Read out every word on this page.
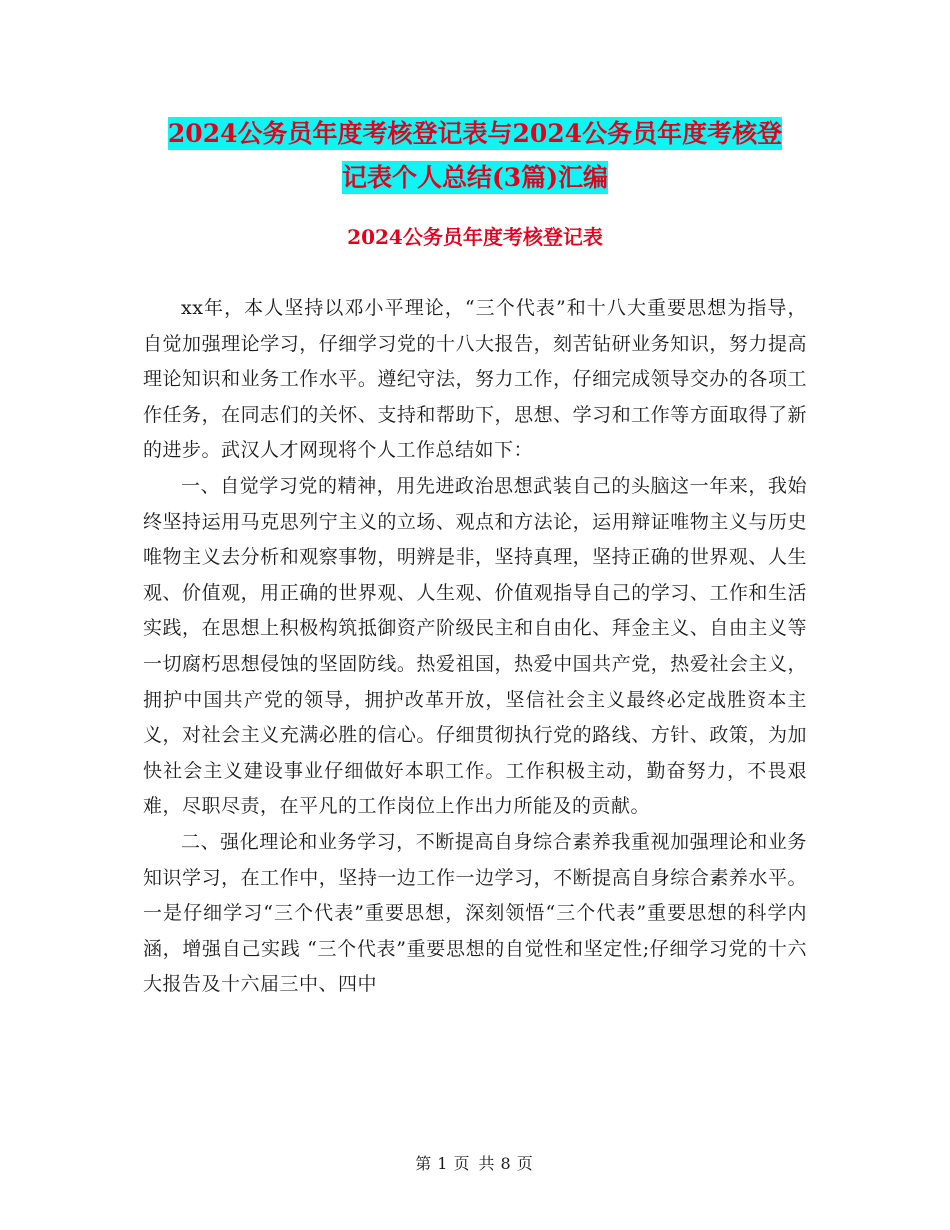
2024公务员年度考核登记表与2024公务员年度考核登
记表个人总结(3篇)汇编
2024公务员年度考核登记表

xx年，本人坚持以邓小平理论，“三个代表”和十八大重要思想为指导，自觉加强理论学习，仔细学习党的十八大报告，刻苦钻研业务知识，努力提高理论知识和业务工作水平。遵纪守法，努力工作，仔细完成领导交办的各项工作任务，在同志们的关怀、支持和帮助下，思想、学习和工作等方面取得了新的进步。武汉人才网现将个人工作总结如下：

一、自觉学习党的精神，用先进政治思想武装自己的头脑这一年来，我始终坚持运用马克思列宁主义的立场、观点和方法论，运用辩证唯物主义与历史唯物主义去分析和观察事物，明辨是非，坚持真理，坚持正确的世界观、人生观、价值观，用正确的世界观、人生观、价值观指导自己的学习、工作和生活实践，在思想上积极构筑抵御资产阶级民主和自由化、拜金主义、自由主义等一切腐朽思想侵蚀的坚固防线。热爱祖国，热爱中国共产党，热爱社会主义，拥护中国共产党的领导，拥护改革开放，坚信社会主义最终必定战胜资本主义，对社会主义充满必胜的信心。仔细贯彻执行党的路线、方针、政策，为加快社会主义建设事业仔细做好本职工作。工作积极主动，勤奋努力，不畏艰难，尽职尽责，在平凡的工作岗位上作出力所能及的贡献。

二、强化理论和业务学习，不断提高自身综合素养我重视加强理论和业务知识学习，在工作中，坚持一边工作一边学习，不断提高自身综合素养水平。一是仔细学习“三个代表”重要思想，深刻领悟“三个代表”重要思想的科学内涵，增强自己实践 “三个代表”重要思想的自觉性和坚定性;仔细学习党的十六大报告及十六届三中、四中

第 1 页 共 8 页
